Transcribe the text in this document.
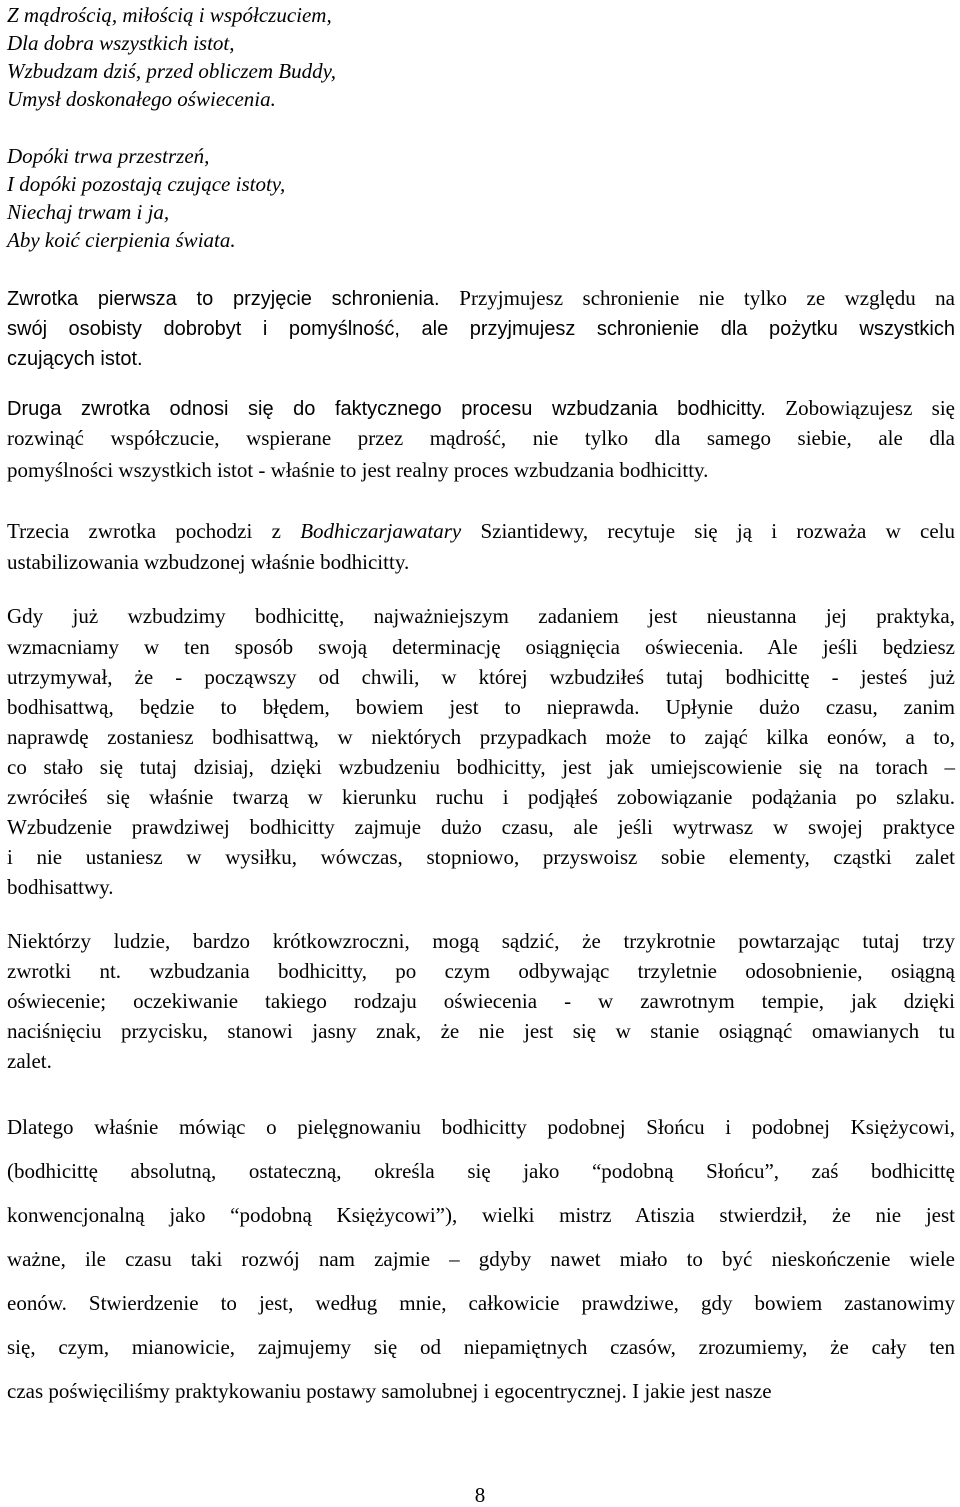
Z mądrością, miłością i współczuciem,
Dla dobra wszystkich istot,
Wzbudzam dziś, przed obliczem Buddy,
Umysł doskonałego oświecenia.
Dopóki trwa przestrzeń,
I dopóki pozostają czujące istoty,
Niechaj trwam i ja,
Aby koić cierpienia świata.
Zwrotka pierwsza to przyjęcie schronienia. Przyjmujesz schronienie nie tylko ze względu na
swój osobisty dobrobyt i pomyślność, ale przyjmujesz schronienie dla pożytku wszystkich
czujących istot.
Druga zwrotka odnosi się do faktycznego procesu wzbudzania bodhicitty. Zobowiązujesz się
rozwinąć współczucie, wspierane przez mądrość, nie tylko dla samego siebie, ale dla
pomyślności wszystkich istot - właśnie to jest realny proces wzbudzania bodhicitty.
Trzecia zwrotka pochodzi z Bodhiczarjawatary Sziantidewy, recytuje się ją i rozważa w celu
ustabilizowania wzbudzonej właśnie bodhicitty.
Gdy już wzbudzimy bodhicittę, najważniejszym zadaniem jest nieustanna jej praktyka,
wzmacniamy w ten sposób swoją determinację osiągnięcia oświecenia. Ale jeśli będziesz
utrzymywał, że - począwszy od chwili, w której wzbudziłeś tutaj bodhicittę - jesteś już
bodhisattwą, będzie to błędem, bowiem jest to nieprawda. Upłynie dużo czasu, zanim
naprawdę zostaniesz bodhisattwą, w niektórych przypadkach może to zająć kilka eonów, a to,
co stało się tutaj dzisiaj, dzięki wzbudzeniu bodhicitty, jest jak umiejscowienie się na torach –
zwróciłeś się właśnie twarzą w kierunku ruchu i podjąłeś zobowiązanie podążania po szlaku.
Wzbudzenie prawdziwej bodhicitty zajmuje dużo czasu, ale jeśli wytrwasz w swojej praktyce
i nie ustaniesz w wysiłku, wówczas, stopniowo, przyswoisz sobie elementy, cząstki zalet
bodhisattwy.
Niektórzy ludzie, bardzo krótkowzroczni, mogą sądzić, że trzykrotnie powtarzając tutaj trzy
zwrotki nt. wzbudzania bodhicitty, po czym odbywając trzyletnie odosobnienie, osiągną
oświecenie; oczekiwanie takiego rodzaju oświecenia - w zawrotnym tempie, jak dzięki
naciśnięciu przycisku, stanowi jasny znak, że nie jest się w stanie osiągnąć omawianych tu
zalet.
Dlatego właśnie mówiąc o pielęgnowaniu bodhicitty podobnej Słońcu i podobnej Księżycowi,
(bodhicittę absolutną, ostateczną, określa się jako “podobną Słońcu”, zaś bodhicittę
konwencjonalną jako “podobną Księżycowi”), wielki mistrz Atiszia stwierdził, że nie jest
ważne, ile czasu taki rozwój nam zajmie – gdyby nawet miało to być nieskończenie wiele
eonów. Stwierdzenie to jest, według mnie, całkowicie prawdziwe, gdy bowiem zastanowimy
się, czym, mianowicie, zajmujemy się od niepamiętnych czasów, zrozumiemy, że cały ten
czas poświęciliśmy praktykowaniu postawy samolubnej i egocentrycznej. I jakie jest nasze
8
